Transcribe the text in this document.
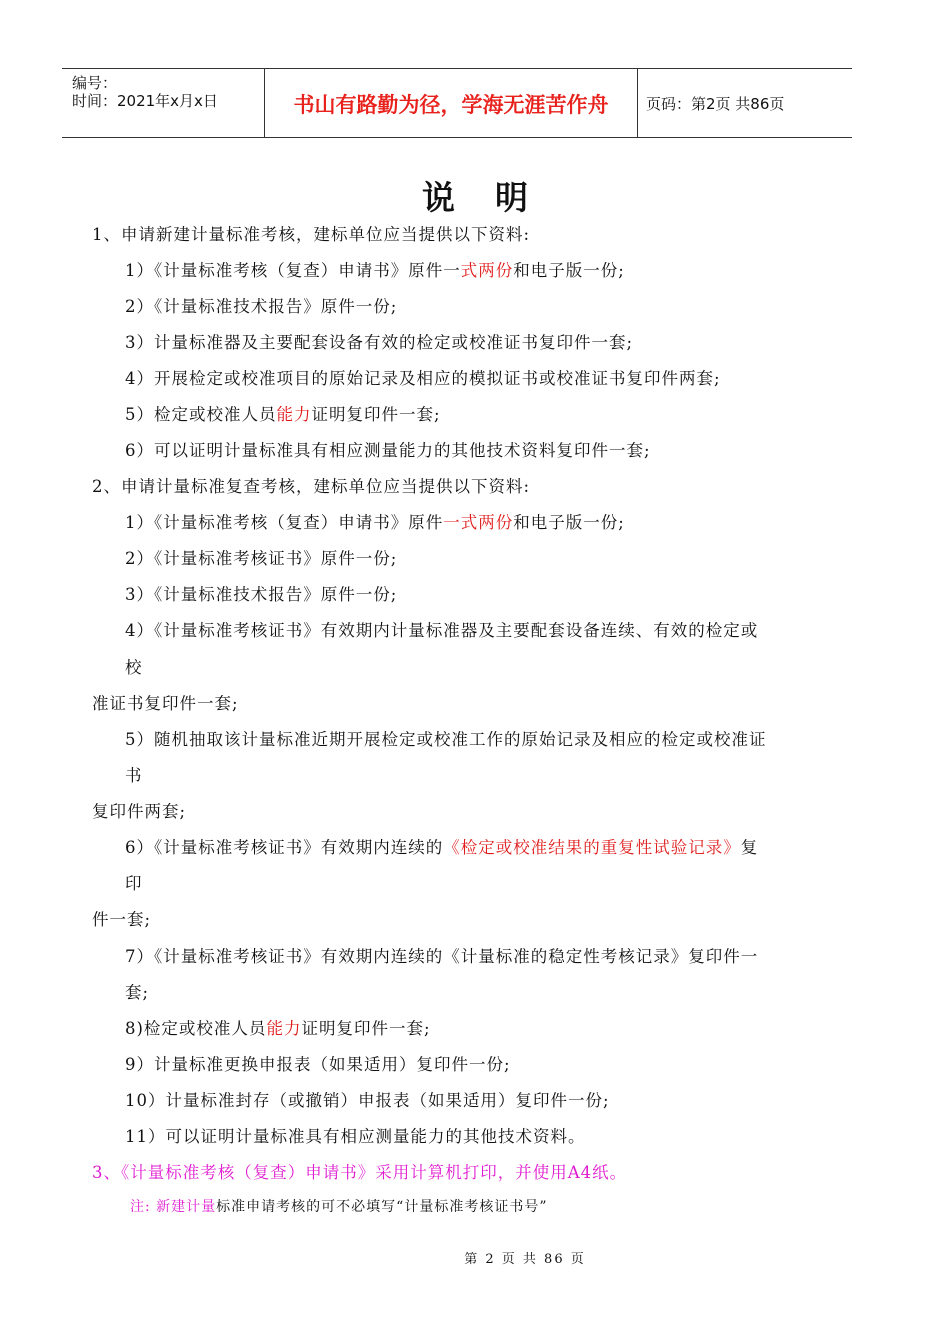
编号：
时间：2021年x月x日	书山有路勤为径，学海无涯苦作舟	页码：第2页 共86页
说明
1、申请新建计量标准考核，建标单位应当提供以下资料:
1）《计量标准考核（复查）申请书》原件一式两份和电子版一份;
2）《计量标准技术报告》原件一份;
3）计量标准器及主要配套设备有效的检定或校准证书复印件一套;
4）开展检定或校准项目的原始记录及相应的模拟证书或校准证书复印件两套;
5）检定或校准人员能力证明复印件一套;
6）可以证明计量标准具有相应测量能力的其他技术资料复印件一套;
2、申请计量标准复查考核，建标单位应当提供以下资料:
1）《计量标准考核（复查）申请书》原件一式两份和电子版一份;
2）《计量标准考核证书》原件一份;
3）《计量标准技术报告》原件一份;
4）《计量标准考核证书》有效期内计量标准器及主要配套设备连续、有效的检定或
校
准证书复印件一套;
5）随机抽取该计量标准近期开展检定或校准工作的原始记录及相应的检定或校准证
书
复印件两套;
6）《计量标准考核证书》有效期内连续的《检定或校准结果的重复性试验记录》复
印
件一套;
7）《计量标准考核证书》有效期内连续的《计量标准的稳定性考核记录》复印件一
套;
8)检定或校准人员能力证明复印件一套;
9）计量标准更换申报表（如果适用）复印件一份;
10）计量标准封存（或撤销）申报表（如果适用）复印件一份;
11）可以证明计量标准具有相应测量能力的其他技术资料。
3、《计量标准考核（复查）申请书》采用计算机打印，并使用A4纸。
注: 新建计量标准申请考核的可不必填写“计量标准考核证书号”
第 2 页 共 86 页
